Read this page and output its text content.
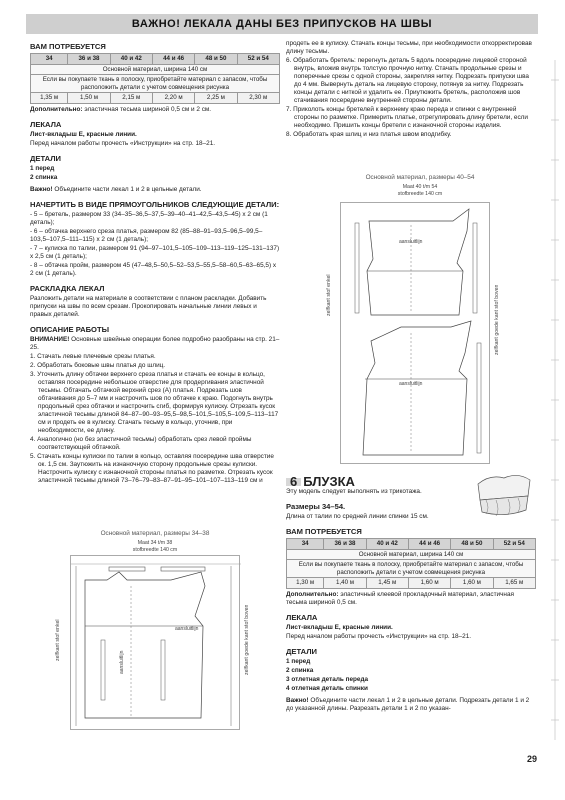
ВАЖНО! ЛЕКАЛА ДАНЫ БЕЗ ПРИПУСКОВ НА ШВЫ
ВАМ ПОТРЕБУЕТСЯ
34	36 и 38	40 и 42	44 и 46	48 и 50	52 и 54
Основной материал, ширина 140 см					
Если вы покупаете ткань в полоску, приобретайте материал с запасом, чтобы расположить детали с учетом совмещения рисунка					
1,35 м	1,50 м	2,15 м	2,20 м	2,25 м	2,30 м

Дополнительно: эластичная тесьма шириной 0,5 см и 2 см.

ЛЕКАЛА

Лист-вкладыш Е, красные линии.

Перед началом работы прочесть «Инструкции» на стр. 18–21.

ДЕТАЛИ

1 перед

2 спинка

Важно! Объедините части лекал 1 и 2 в цельные детали.

НАЧЕРТИТЬ В ВИДЕ ПРЯМОУГОЛЬНИКОВ СЛЕДУЮЩИЕ ДЕТАЛИ:

- 5 – бретель, размером 33 (34–35–36,5–37,5–39–40–41–42,5–43,5–45) х 2 см (1 деталь);

- 6 – обтачка верхнего среза платья, размером 82 (85–88–91–93,5–96,5–99,5–103,5–107,5–111–115) х 2 см (1 деталь);

- 7 – кулиска по талии, размером 91 (94–97–101,5–105–109–113–119–125–131–137) х 2,5 см (1 деталь);

- 8 – обтачка пройм, размером 45 (47–48,5–50,5–52–53,5–55,5–58–60,5–63–65,5) х 2 см (1 деталь).

РАСКЛАДКА ЛЕКАЛ

Разложить детали на материале в соответствии с планом раскладки. Добавить припуски на швы по всем срезам. Прокопировать начальные линии левых и правых деталей.

ОПИСАНИЕ РАБОТЫ

ВНИМАНИЕ! Основные швейные операции более подробно разобраны на стр. 21–25.

1. Стачать левые плечевые срезы платья.
2. Обработать боковые швы платья до шлиц.
3. Уточнить длину обтачки верхнего среза платья и стачать ее концы в кольцо, оставляя посередине небольшое отверстие для продергивания эластичной тесьмы. Обтачать обтачкой верхний срез (А) платья. Подрезать шов обтачивания до 5–7 мм и настрочить шов по обтачке к краю. Подогнуть внутрь продольный срез обтачки и настрочить сгиб, формируя кулиску. Отрезать кусок эластичной тесьмы длиной 84–87–90–93–95,5–98,5–101,5–105,5–109,5–113–117 см и продеть ее в кулиску. Стачать тесьму в кольцо, уточнив, при необходимости, ее длину.
4. Аналогично (но без эластичной тесьмы) обработать срез левой проймы соответствующей обтачкой.
5. Стачать концы кулиски по талии в кольцо, оставляя посередине шва отверстие ок. 1,5 см. Заутюжить на изнаночную сторону продольные срезы кулиски. Настрочить кулиску с изнаночной стороны платья по разметке. Отрезать кусок эластичной тесьмы длиной 73–76–79–83–87–91–95–101–107–113–119 см и
Основной материал, размеры 34–38
Maat 34 t/m 38
stofbreedte 140 cm
aansluitlijn
aansluitlijn
zelfkant stof enkel	zelfkant goede kant stof boven

продеть ее в кулиску. Стачать концы тесьмы, при необходимости откорректировав длину тесьмы.

6. Обработать бретель: перегнуть деталь 5 вдоль посередине лицевой стороной внутрь, вложив внутрь толстую прочную нитку. Стачать продольные срезы и поперечные срезы с одной стороны, закрепляя нитку. Подрезать припуски шва до 4 мм. Вывернуть деталь на лицевую сторону, потянув за нитку. Подрезать концы детали с ниткой и удалить ее. Приутюжить бретель, расположив шов стачивания посередине внутренней стороны детали.
7. Приколоть концы бретелей к верхнему краю переда и спинки с внутренней стороны по разметке. Примерить платье, отрегулировать длину бретели, если необходимо. Пришить концы бретели с изнаночной стороны изделия.
8. Обработать края шлиц и низ платья швом вподгибку.
Основной материал, размеры 40–54
Maat 40 t/m 54
stofbreedte 140 cm
aansluitlijn
aansluitlijn
zelfkant stof enkel	zelfkant goede kant stof boven
6 БЛУЗКА

Эту модель следует выполнять из трикотажа.

Размеры 34–54.

Длина от талии по средней линии спинки 15 см.

ВАМ ПОТРЕБУЕТСЯ
34	36 и 38	40 и 42	44 и 46	48 и 50	52 и 54
Основной материал, ширина 140 см					
Если вы покупаете ткань в полоску, приобретайте материал с запасом, чтобы расположить детали с учетом совмещения рисунка					
1,30 м	1,40 м	1,45 м	1,60 м	1,60 м	1,65 м

Дополнительно: эластичный клеевой прокладочный материал, эластичная тесьма шириной 0,5 см.

ЛЕКАЛА

Лист-вкладыш Е, красные линии.

Перед началом работы прочесть «Инструкции» на стр. 18–21.

ДЕТАЛИ

1 перед

2 спинка

3 отлетная деталь переда

4 отлетная деталь спинки

Важно! Объедините части лекал 1 и 2 в цельные детали. Подрезать детали 1 и 2 до указанной длины. Разрезать детали 1 и 2 по указан-

29
